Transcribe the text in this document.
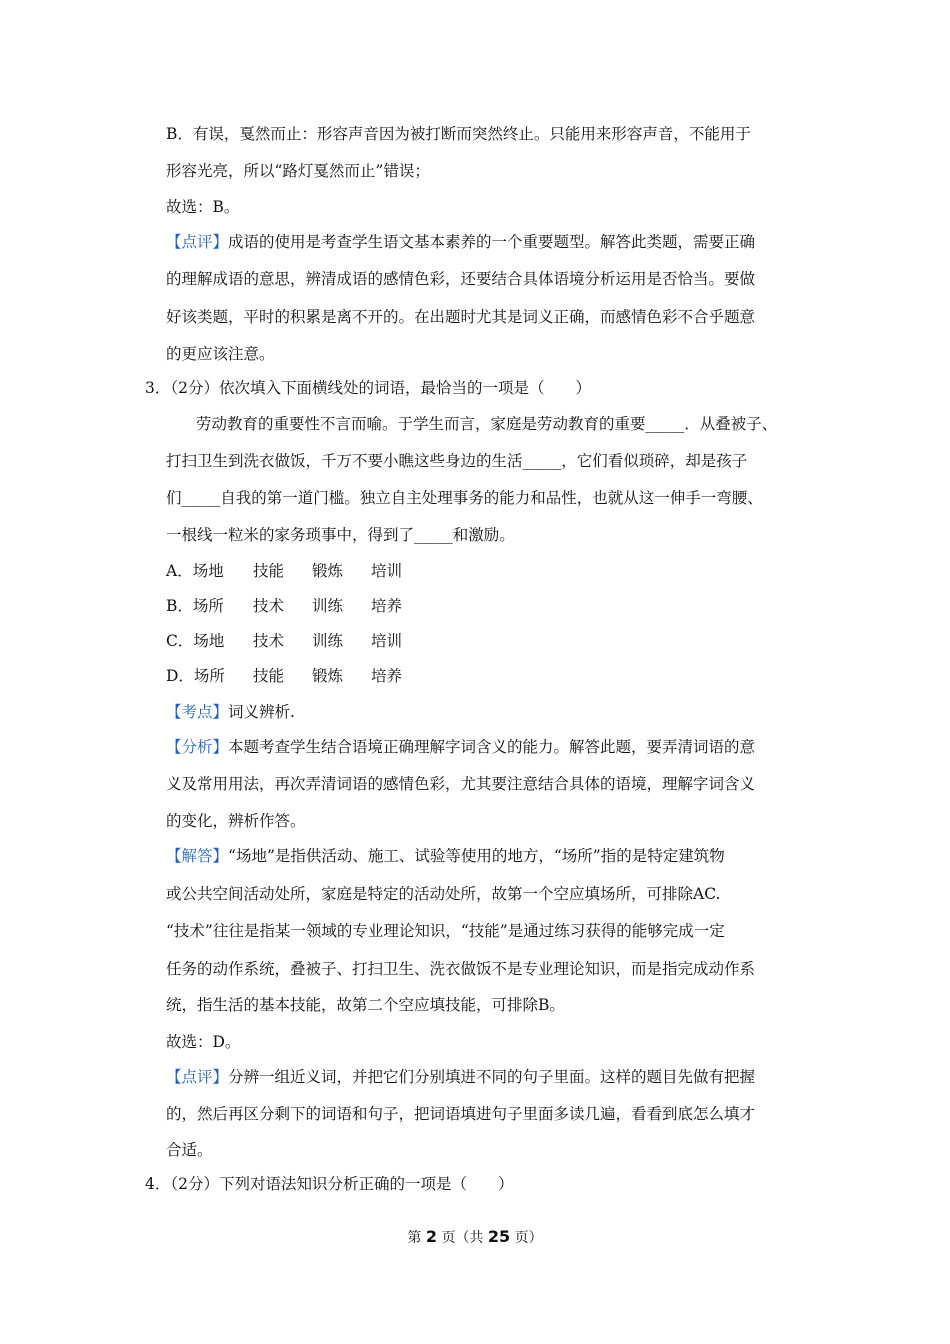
B．有误，戛然而止：形容声音因为被打断而突然终止。只能用来形容声音，不能用于
形容光亮，所以“路灯戛然而止”错误；
故选：B。
【点评】成语的使用是考查学生语文基本素养的一个重要题型。解答此类题，需要正确
的理解成语的意思，辨清成语的感情色彩，还要结合具体语境分析运用是否恰当。要做
好该类题，平时的积累是离不开的。在出题时尤其是词义正确，而感情色彩不合乎题意
的更应该注意。
3．（2分）依次填入下面横线处的词语，最恰当的一项是（　　）
劳动教育的重要性不言而喻。于学生而言，家庭是劳动教育的重要_____．从叠被子、
打扫卫生到洗衣做饭，千万不要小瞧这些身边的生活_____，它们看似琐碎，却是孩子
们_____自我的第一道门槛。独立自主处理事务的能力和品性，也就从这一伸手一弯腰、
一根线一粒米的家务琐事中，得到了_____和激励。
A．场地 技能 锻炼 培训
B．场所 技术 训练 培养
C．场地 技术 训练 培训
D．场所 技能 锻炼 培养
【考点】词义辨析.
【分析】本题考查学生结合语境正确理解字词含义的能力。解答此题，要弄清词语的意
义及常用用法，再次弄清词语的感情色彩，尤其要注意结合具体的语境，理解字词含义
的变化，辨析作答。
【解答】“场地”是指供活动、施工、试验等使用的地方，“场所”指的是特定建筑物
或公共空间活动处所，家庭是特定的活动处所，故第一个空应填场所，可排除AC.
“技术”往往是指某一领域的专业理论知识，“技能”是通过练习获得的能够完成一定
任务的动作系统，叠被子、打扫卫生、洗衣做饭不是专业理论知识，而是指完成动作系
统，指生活的基本技能，故第二个空应填技能，可排除B。
故选：D。
【点评】分辨一组近义词，并把它们分别填进不同的句子里面。这样的题目先做有把握
的，然后再区分剩下的词语和句子，把词语填进句子里面多读几遍，看看到底怎么填才
合适。
4．（2分）下列对语法知识分析正确的一项是（　　）
第 2 页（共 25 页）
